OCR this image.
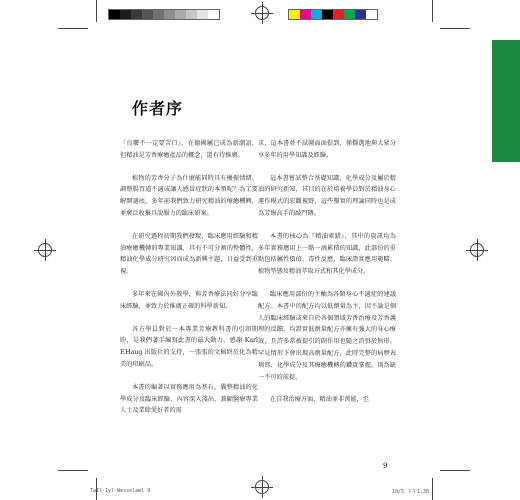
作者序

『良藥不一定要苦口』，在德國屬已成為新潮語，但精油是芳香療癒產品的概念，還有待推廣。

植物的芳香分子為什麼能同時具有擾振情緒、調整腸胃道不適或讓人感冒症狀的本領呢？為了要解開謎底，多年前我們致力研究精油的療癒機轉，並廣泛收集具說服力的臨床研案。

在研究過程初期我們發現，臨床應用經驗和精油療癒機轉的專業知識，具有不可分割的整體性，精油化學成分研究因而成為新興主題，日益受到重視。

多年來在國內外教學，與芳香療法同好分享臨床經驗，並致力於推廣正確的科學新知。

各方學員對於一本專業芳療教科書的引頸期盼，是我們著手編寫此書的最大動力，感謝 Karl F.Haug 出版社的支持，一張張的文稿終於化為精美的印刷品。

本書的編著以實務應用為基石，囊整精油的化學成分及臨床經驗，內容深入淺出，兼顧醫療專業人士及業餘愛好者的需

求，這本書並不試圖面面俱到，僅擷選地與大眾分享多年的用學知識及經驗。

這本書嘗試整合基礎知識、化學成分及屬於精油的研究新知，其目的在於培養學員對於精油身心運作模式的宏觀視野，這些鑿實的理論同時也是成為芳療高手的敲門磚。

本書的核心為『精油素錯』，其中的資訊均為多年實務應用上一點一滴累積的知識，此部份的重點包括屬性價值、毒性反應、臨床證實應用範疇、植物型態及精油萃取方式和其化學成分。

臨床應用部份的主軸為各類身心不適症的建議配方。本書中的配方均以低劑量為主，因不論是個人的臨床經驗或來自於各個領域芳香治療及芳香護理的反饋，均證實低劑量配方亦擁有強大的身心療效，且許多常被提引的副作用也隨之消弭於無形。罕見情形下會出現高劑量配方，此時完整的病歷表填寫、化學成分及其療癒機轉的鑽實掌握，則為缺一不可的前提。

在自我治療方面，精油並非萬能，至

9
TaIl-Iyl-Wesselaml 9	10/5 下午1.30
